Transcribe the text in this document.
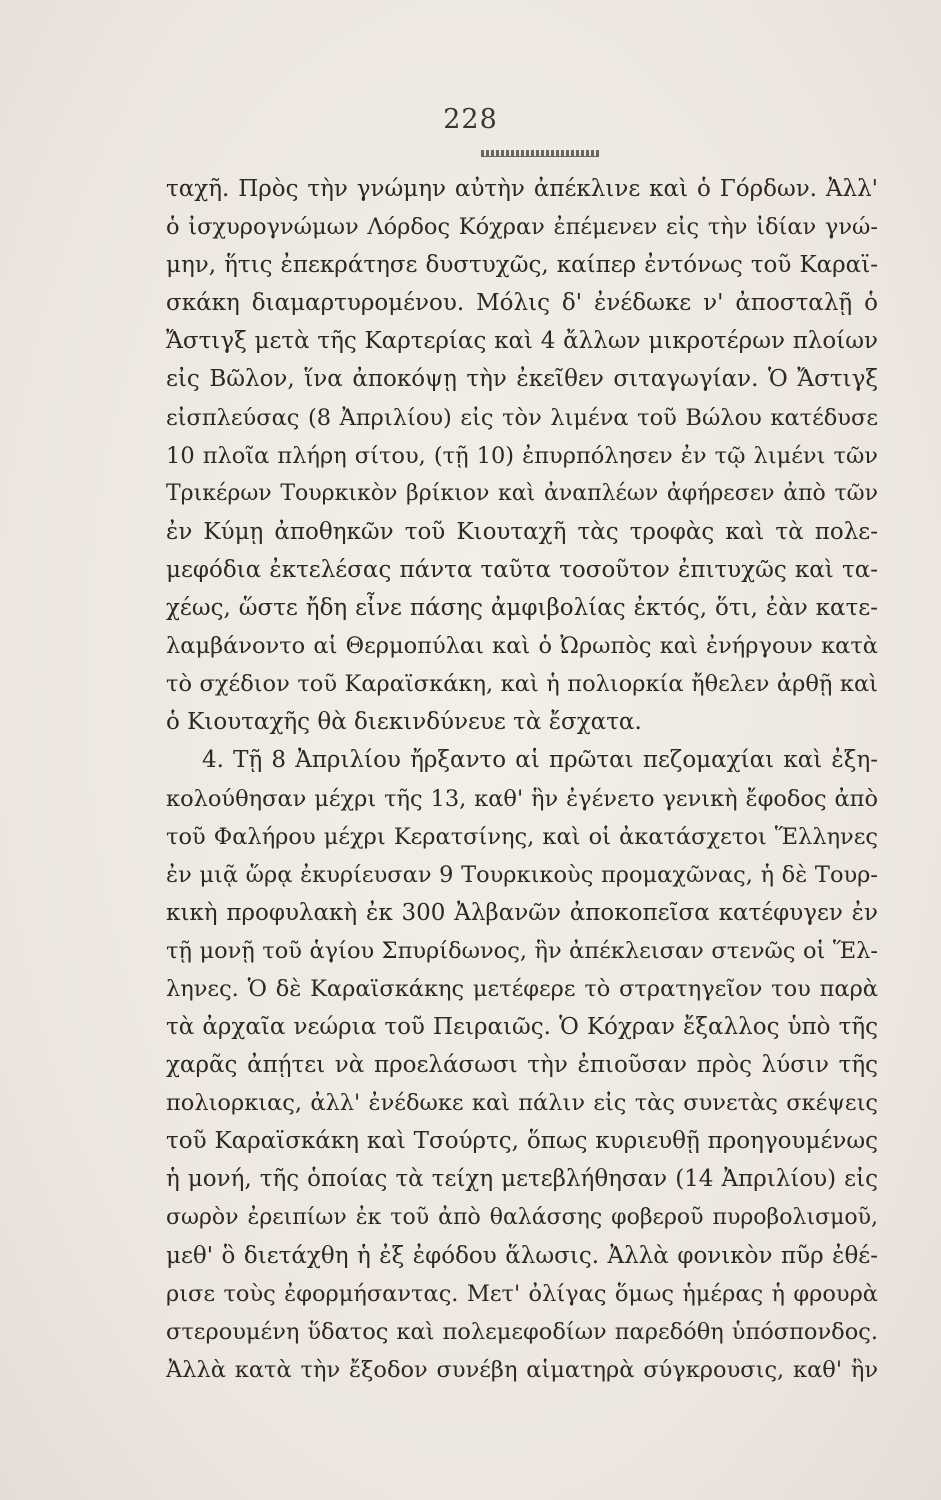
228
ταχῆ. Πρὸς τὴν γνώμην αὐτὴν ἀπέκλινε καὶ ὁ Γόρδων. Ἀλλ'
ὁ ἰσχυρογνώμων Λόρδος Κόχραν ἐπέμενεν εἰς τὴν ἰδίαν γνώ-
μην, ἥτις ἐπεκράτησε δυστυχῶς, καίπερ ἐντόνως τοῦ Καραϊ-
σκάκη διαμαρτυρομένου. Μόλις δ' ἐνέδωκε ν' ἀποσταλῇ ὁ
Ἄστιγξ μετὰ τῆς Καρτερίας καὶ 4 ἄλλων μικροτέρων πλοίων
εἰς Βῶλον, ἵνα ἀποκόψῃ τὴν ἐκεῖθεν σιταγωγίαν. Ὁ Ἄστιγξ
εἰσπλεύσας (8 Ἀπριλίου) εἰς τὸν λιμένα τοῦ Βώλου κατέδυσε
10 πλοῖα πλήρη σίτου, (τῇ 10) ἐπυρπόλησεν ἐν τῷ λιμένι τῶν
Τρικέρων Τουρκικὸν βρίκιον καὶ ἀναπλέων ἀφήρεσεν ἀπὸ τῶν
ἐν Κύμῃ ἀποθηκῶν τοῦ Κιουταχῆ τὰς τροφὰς καὶ τὰ πολε-
μεφόδια ἐκτελέσας πάντα ταῦτα τοσοῦτον ἐπιτυχῶς καὶ τα-
χέως, ὥστε ἤδη εἶνε πάσης ἀμφιβολίας ἐκτός, ὅτι, ἐὰν κατε-
λαμβάνοντο αἱ Θερμοπύλαι καὶ ὁ Ὠρωπὸς καὶ ἐνήργουν κατὰ
τὸ σχέδιον τοῦ Καραϊσκάκη, καὶ ἡ πολιορκία ἤθελεν ἀρθῇ καὶ
ὁ Κιουταχῆς θὰ διεκινδύνευε τὰ ἔσχατα.
4. Τῇ 8 Ἀπριλίου ἤρξαντο αἱ πρῶται πεζομαχίαι καὶ ἐξη-
κολούθησαν μέχρι τῆς 13, καθ' ἣν ἐγένετο γενικὴ ἔφοδος ἀπὸ
τοῦ Φαλήρου μέχρι Κερατσίνης, καὶ οἱ ἀκατάσχετοι Ἕλληνες
ἐν μιᾷ ὥρᾳ ἐκυρίευσαν 9 Τουρκικοὺς προμαχῶνας, ἡ δὲ Τουρ-
κικὴ προφυλακὴ ἐκ 300 Ἀλβανῶν ἀποκοπεῖσα κατέφυγεν ἐν
τῇ μονῇ τοῦ ἁγίου Σπυρίδωνος, ἣν ἀπέκλεισαν στενῶς οἱ Ἕλ-
ληνες. Ὁ δὲ Καραϊσκάκης μετέφερε τὸ στρατηγεῖον του παρὰ
τὰ ἀρχαῖα νεώρια τοῦ Πειραιῶς. Ὁ Κόχραν ἔξαλλος ὑπὸ τῆς
χαρᾶς ἀπῄτει νὰ προελάσωσι τὴν ἐπιοῦσαν πρὸς λύσιν τῆς
πολιορκιας, ἀλλ' ἐνέδωκε καὶ πάλιν εἰς τὰς συνετὰς σκέψεις
τοῦ Καραϊσκάκη καὶ Τσούρτς, ὅπως κυριευθῇ προηγουμένως
ἡ μονή, τῆς ὁποίας τὰ τείχη μετεβλήθησαν (14 Ἀπριλίου) εἰς
σωρὸν ἐρειπίων ἐκ τοῦ ἀπὸ θαλάσσης φοβεροῦ πυροβολισμοῦ,
μεθ' ὃ διετάχθη ἡ ἐξ ἐφόδου ἅλωσις. Ἀλλὰ φονικὸν πῦρ ἐθέ-
ρισε τοὺς ἐφορμήσαντας. Μετ' ὀλίγας ὅμως ἡμέρας ἡ φρουρὰ
στερουμένη ὕδατος καὶ πολεμεφοδίων παρεδόθη ὑπόσπονδος.
Ἀλλὰ κατὰ τὴν ἔξοδον συνέβη αἱματηρὰ σύγκρουσις, καθ' ἣν
